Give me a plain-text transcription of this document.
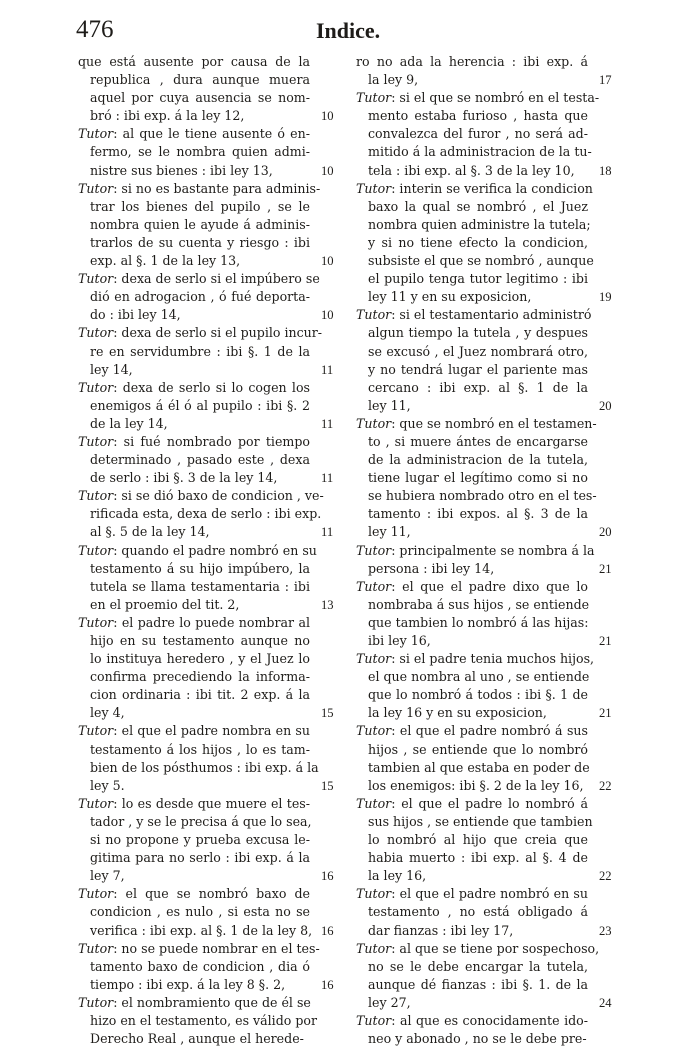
476	Indice.
que está ausente por causa de la
republica , dura aunque muera
aquel por cuya ausencia se nom-
bró : ibi exp. á la ley 12,	10
Tutor: al que le tiene ausente ó en-
fermo, se le nombra quien admi-
nistre sus bienes : ibi ley 13,	10
Tutor: si no es bastante para adminis-
trar los bienes del pupilo , se le
nombra quien le ayude á adminis-
trarlos de su cuenta y riesgo : ibi
exp. al §. 1 de la ley 13,	10
Tutor: dexa de serlo si el impúbero se
dió en adrogacion , ó fué deporta-
do : ibi ley 14,	10
Tutor: dexa de serlo si el pupilo incur-
re en servidumbre : ibi §. 1 de la
ley 14,	11
Tutor: dexa de serlo si lo cogen los
enemigos á él ó al pupilo : ibi §. 2
de la ley 14,	11
Tutor: si fué nombrado por tiempo
determinado , pasado este , dexa
de serlo : ibi §. 3 de la ley 14,	11
Tutor: si se dió baxo de condicion , ve-
rificada esta, dexa de serlo : ibi exp.
al §. 5 de la ley 14,	11
Tutor: quando el padre nombró en su
testamento á su hijo impúbero, la
tutela se llama testamentaria : ibi
en el proemio del tit. 2,	13
Tutor: el padre lo puede nombrar al
hijo en su testamento aunque no
lo instituya heredero , y el Juez lo
confirma precediendo la informa-
cion ordinaria : ibi tit. 2 exp. á la
ley 4,	15
Tutor: el que el padre nombra en su
testamento á los hijos , lo es tam-
bien de los pósthumos : ibi exp. á la
ley 5.	15
Tutor: lo es desde que muere el tes-
tador , y se le precisa á que lo sea,
si no propone y prueba excusa le-
gitima para no serlo : ibi exp. á la
ley 7,	16
Tutor: el que se nombró baxo de
condicion , es nulo , si esta no se
verifica : ibi exp. al §. 1 de la ley 8, 16
Tutor: no se puede nombrar en el tes-
tamento baxo de condicion , dia ó
tiempo : ibi exp. á la ley 8 §. 2,	16
Tutor: el nombramiento que de él se
hizo en el testamento, es válido por
Derecho Real , aunque el herede-
ro no ada la herencia : ibi exp. á
la ley 9,	17
Tutor: si el que se nombró en el testa-
mento estaba furioso , hasta que
convalezca del furor , no será ad-
mitido á la administracion de la tu-
tela : ibi exp. al §. 3 de la ley 10,	18
Tutor: interin se verifica la condicion
baxo la qual se nombró , el Juez
nombra quien administre la tutela;
y si no tiene efecto la condicion,
subsiste el que se nombró , aunque
el pupilo tenga tutor legitimo : ibi
ley 11 y en su exposicion,	19
Tutor: si el testamentario administró
algun tiempo la tutela , y despues
se excusó , el Juez nombrará otro,
y no tendrá lugar el pariente mas
cercano : ibi exp. al §. 1 de la
ley 11,	20
Tutor: que se nombró en el testamen-
to , si muere ántes de encargarse
de la administracion de la tutela,
tiene lugar el legítimo como si no
se hubiera nombrado otro en el tes-
tamento : ibi expos. al §. 3 de la
ley 11,	20
Tutor: principalmente se nombra á la
persona : ibi ley 14,	21
Tutor: el que el padre dixo que lo
nombraba á sus hijos , se entiende
que tambien lo nombró á las hijas:
ibi ley 16,	21
Tutor: si el padre tenia muchos hijos,
el que nombra al uno , se entiende
que lo nombró á todos : ibi §. 1 de
la ley 16 y en su exposicion,	21
Tutor: el que el padre nombró á sus
hijos , se entiende que lo nombró
tambien al que estaba en poder de
los enemigos: ibi §. 2 de la ley 16,	22
Tutor: el que el padre lo nombró á
sus hijos , se entiende que tambien
lo nombró al hijo que creia que
habia muerto : ibi exp. al §. 4 de
la ley 16,	22
Tutor: el que el padre nombró en su
testamento , no está obligado á
dar fianzas : ibi ley 17,	23
Tutor: al que se tiene por sospechoso,
no se le debe encargar la tutela,
aunque dé fianzas : ibi §. 1. de la
ley 27,	24
Tutor: al que es conocidamente ido-
neo y abonado , no se le debe pre-
